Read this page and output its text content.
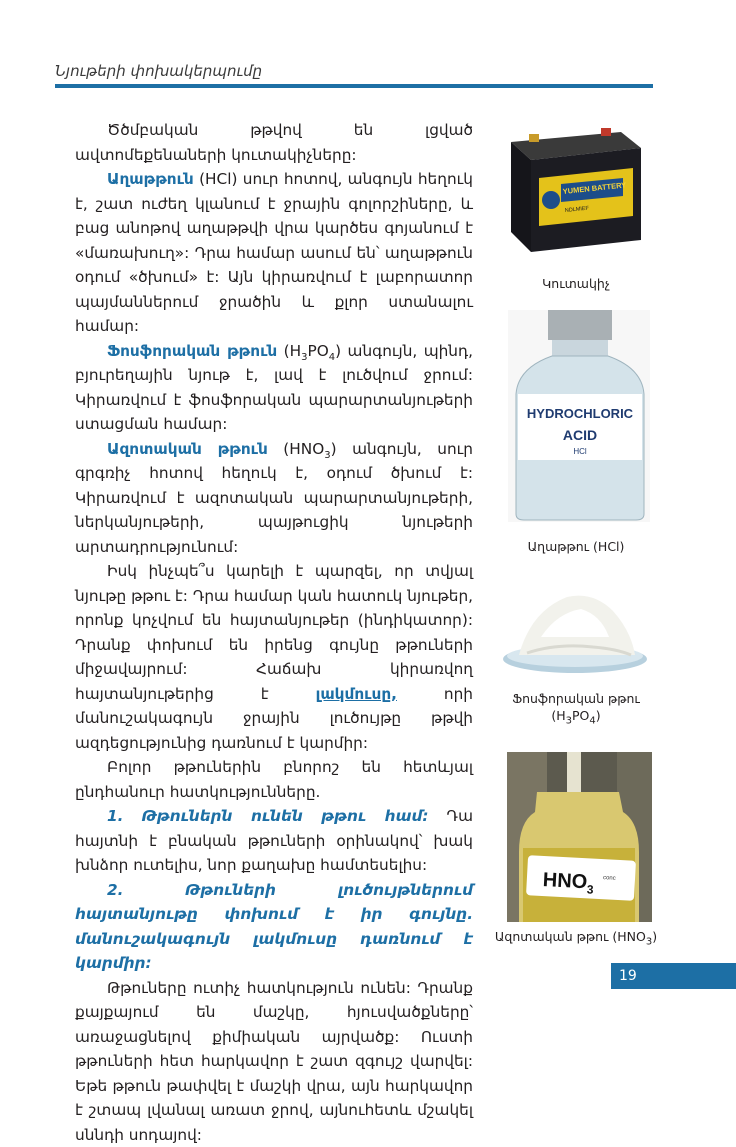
Նյութերի փոխակերպումը

Ծծմբական թթվով են լցված ավտոմեքենաների կուտակիչները:

Աղաթթուն (HCl) սուր հոտով, անգույն հեղուկ է, շատ ուժեղ կլանում է ջրային գոլորշիները, և բաց անոթով աղաթթվի վրա կարծես գոյանում է «մառախուղ»: Դրա համար ասում են՝ աղաթթուն օդում «ծխում» է: Այն կիրառվում է լաբորատոր պայմաններում ջրածին և քլոր ստանալու համար:

Ֆոսֆորական թթուն $(H_3PO_4)$ անգույն, պինդ, բյուրեղային նյութ է, լավ է լուծվում ջրում: Կիրառվում է ֆոսֆորական պարարտանյութերի ստացման համար:

Ազոտական թթուն $(HNO_3)$ անգույն, սուր գրգռիչ հոտով հեղուկ է, օդում ծխում է: Կիրառվում է ազոտական պարարտանյութերի, ներկանյութերի, պայթուցիկ նյութերի արտադրությունում:

Իսկ ինչպե՞ս կարելի է պարզել, որ տվյալ նյութը թթու է: Դրա համար կան հատուկ նյութեր, որոնք կոչվում են հայտանյութեր (ինդիկատոր): Դրանք փոխում են իրենց գույնը թթուների միջավայրում: Հաճախ կիրառվող հայտանյութերից է լակմուսը, որի մանուշակագույն ջրային լուծույթը թթվի ազդեցությունից դառնում է կարմիր:

Բոլոր թթուներին բնորոշ են հետևյալ ընդհանուր հատկությունները.

1. Թթուներն ունեն թթու համ: Դա հայտնի է բնական թթուների օրինակով՝ խակ խնձոր ուտելիս, նոր քաղախը համտեսելիս:

2.	Թթուների լուծույթներում հայտանյութը փոխում է իր գույնը. մանուշակագույն լակմուսը դառնում է կարմիր:

Թթուները ուտիչ հատկություն ունեն: Դրանք քայքայում են մաշկը, հյուսվածքները՝ առաջացնելով քիմիական այրվածք: Ուստի թթուների հետ հարկավոր է շատ զգույշ վարվել: Եթե թթուն թափվել է մաշկի վրա, այն հարկավոր է շտապ լվանալ առատ ջրով, այնուհետև մշակել սննդի սոդայով:

YUMEN BATTERY
NDLMIEF
Կուտակիչ
HYDROCHLORIC
ACID
HCl
Աղաթթու (HCl)
Ֆոսֆորական թթու
$(H_3PO_4)$
$HNO_3$
conc
Ազոտական թթու $(HNO_3)$
19
